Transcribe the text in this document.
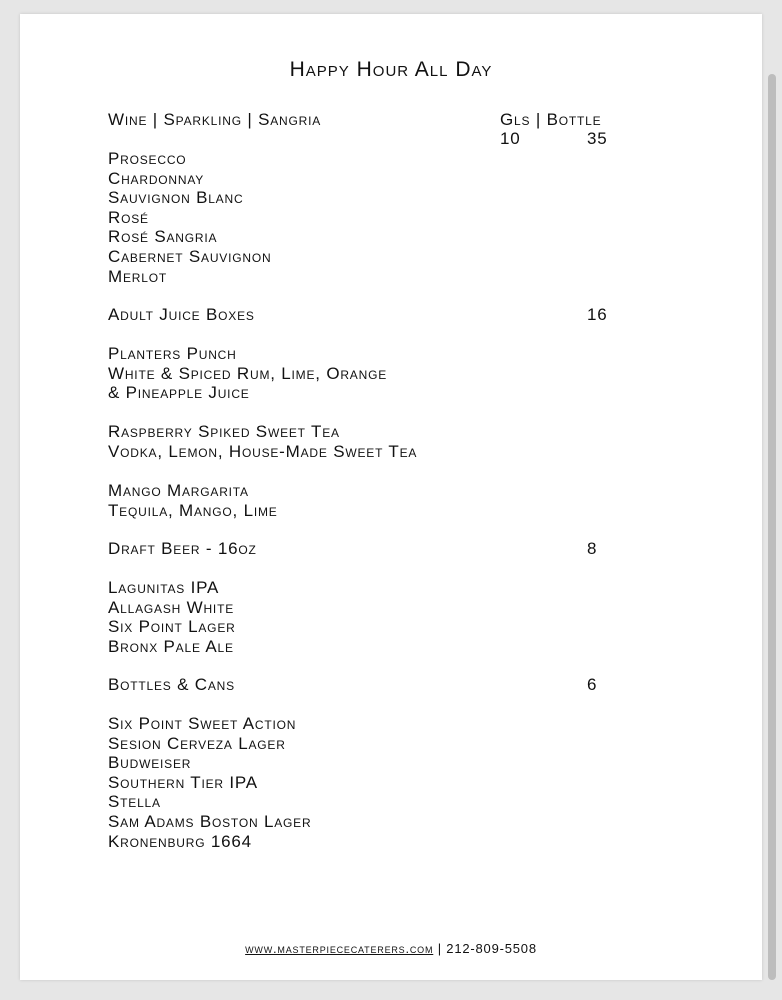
Happy Hour All Day
Wine | Sparkling | Sangria	Gls | Bottle
10	35
Prosecco
Chardonnay
Sauvignon Blanc
Rosé
Rosé Sangria
Cabernet Sauvignon
Merlot
Adult Juice Boxes	16
Planters Punch
White & Spiced Rum, Lime, Orange
& Pineapple Juice
Raspberry Spiked Sweet Tea
Vodka, Lemon, House-Made Sweet Tea
Mango Margarita
Tequila, Mango, Lime
Draft Beer - 16oz	8
Lagunitas IPA
Allagash White
Six Point Lager
Bronx Pale Ale
Bottles & Cans	6
Six Point Sweet Action
Sesion Cerveza Lager
Budweiser
Southern Tier IPA
Stella
Sam Adams Boston Lager
Kronenburg 1664
www.masterpiececaterers.com | 212-809-5508
